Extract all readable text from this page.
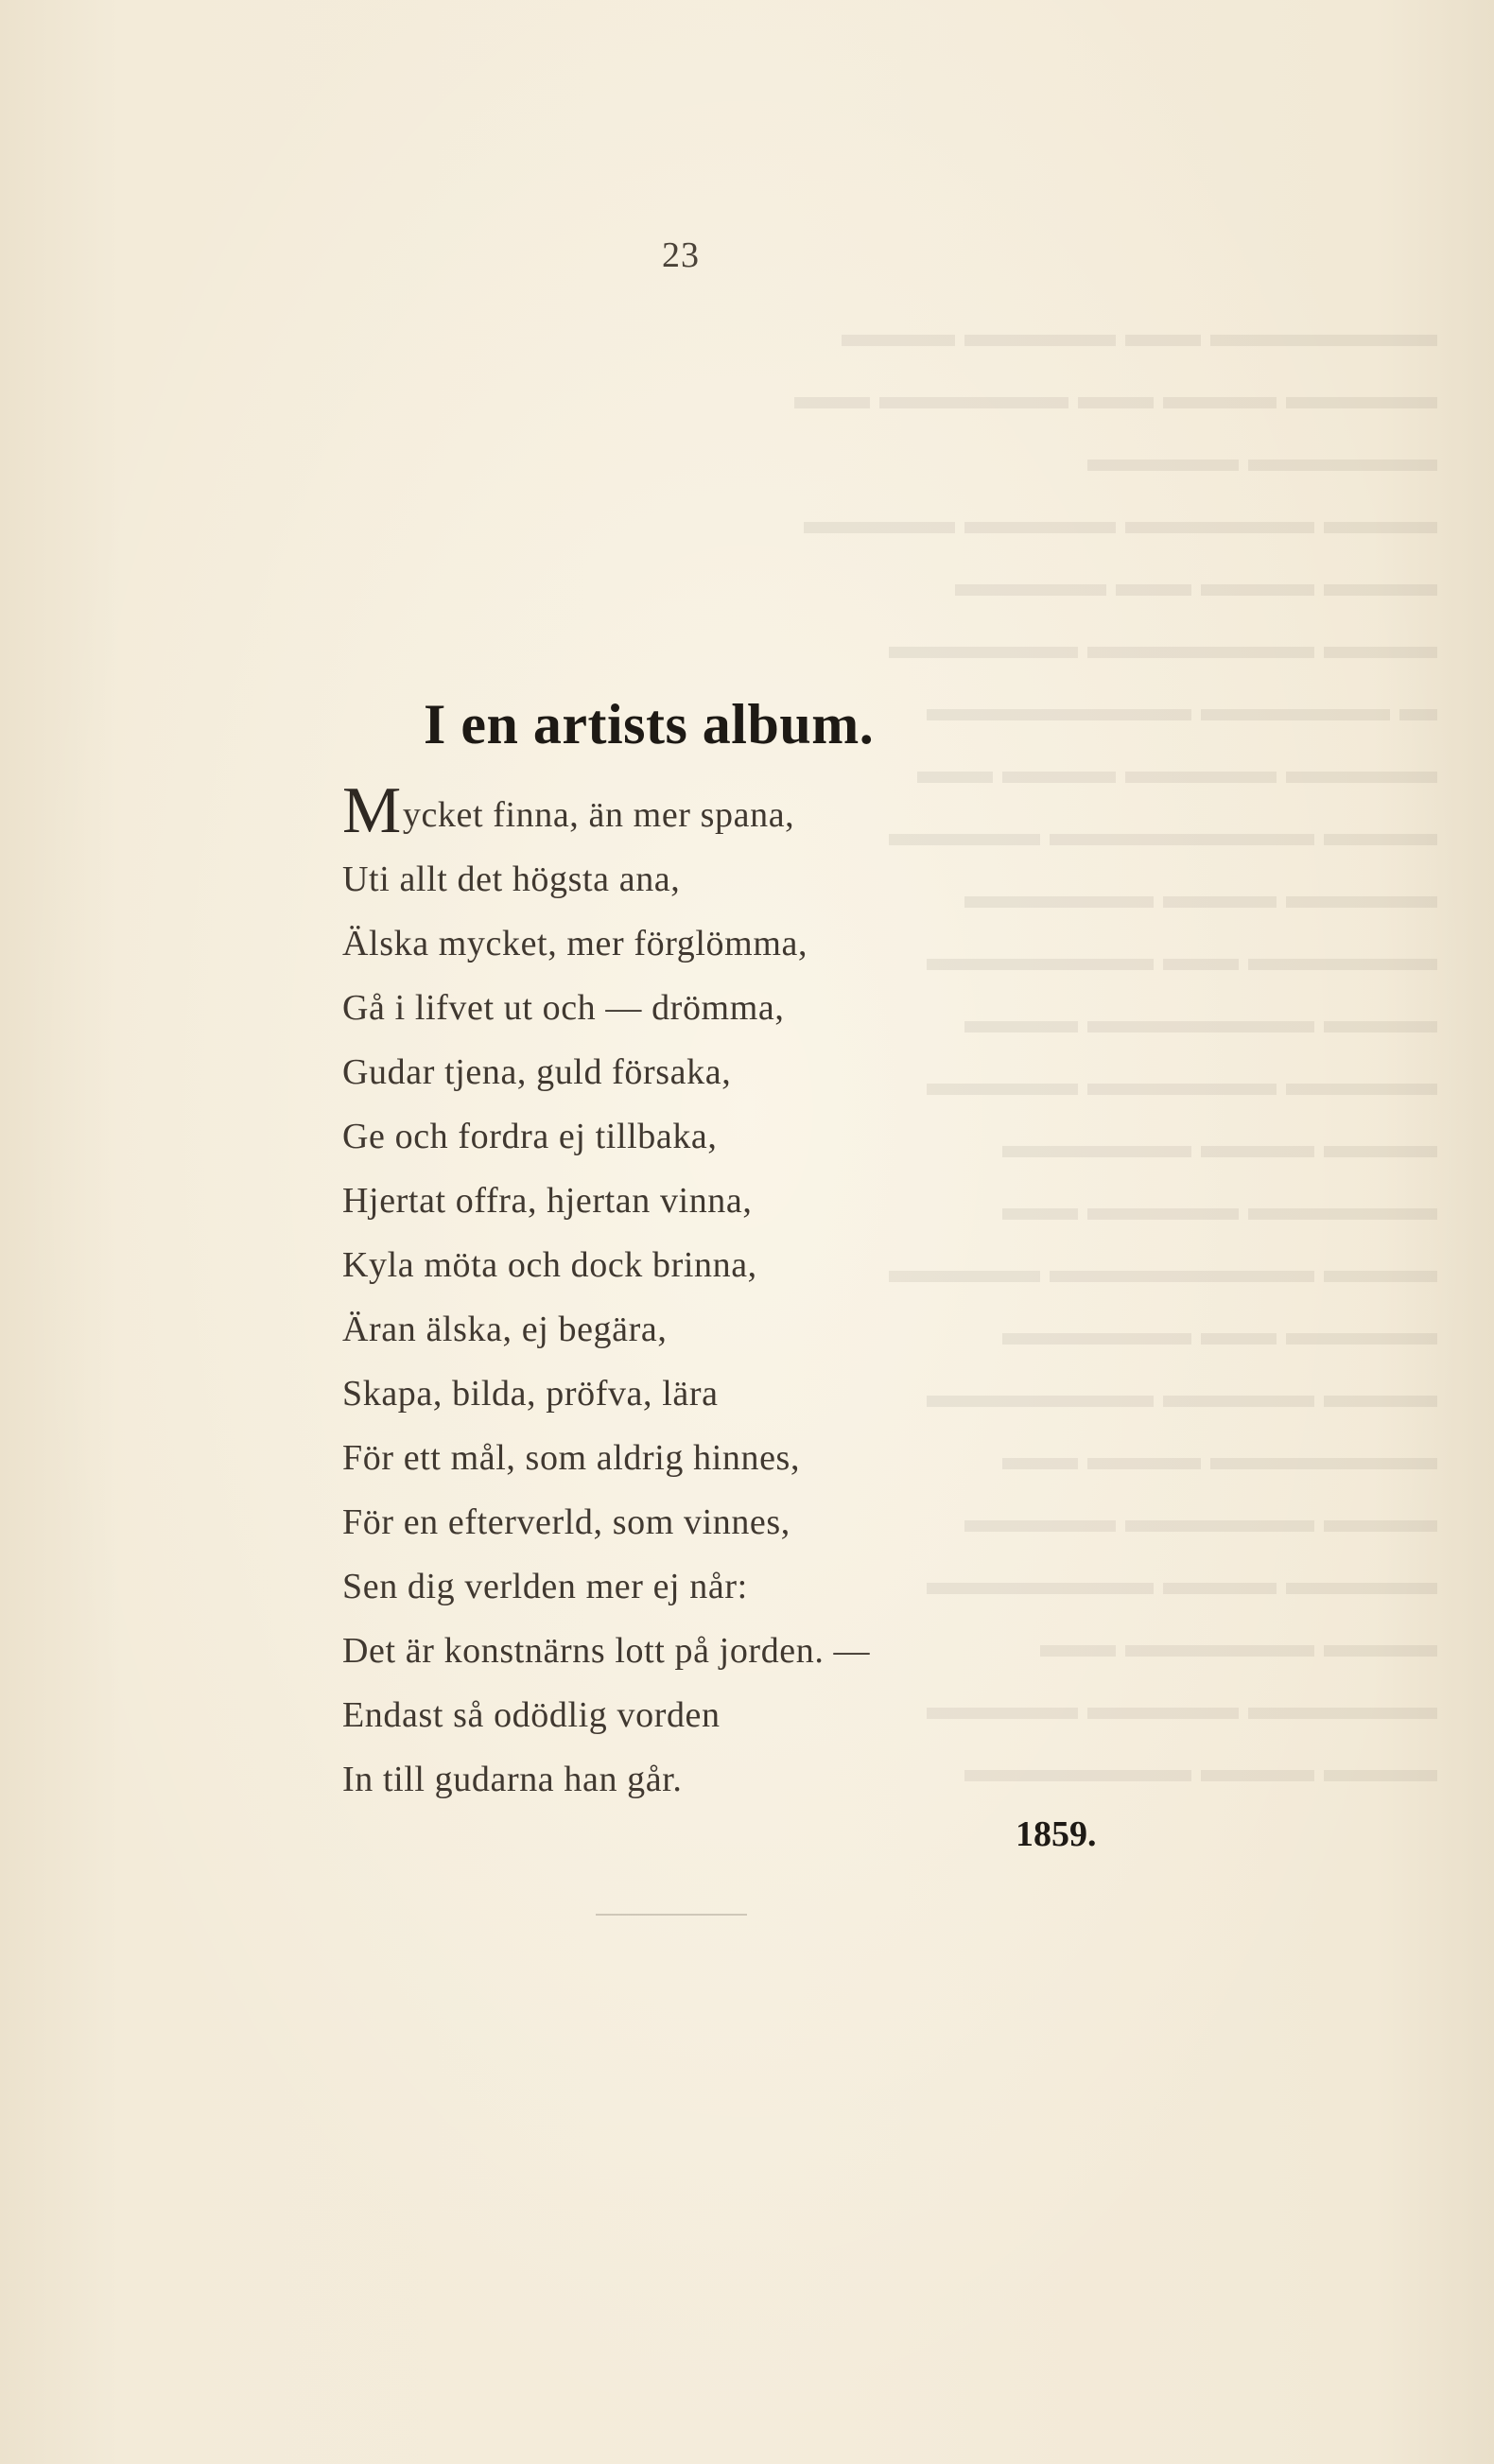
▬▬▬▬▬▬ ▬▬ ▬▬▬▬ ▬▬▬
▬▬▬▬ ▬▬▬ ▬▬ ▬▬▬▬▬ ▬▬
▬▬▬▬▬ ▬▬▬▬
▬▬▬ ▬▬▬▬▬ ▬▬▬▬ ▬▬▬▬
▬▬▬ ▬▬▬ ▬▬ ▬▬▬▬
▬▬▬ ▬▬▬▬▬▬ ▬▬▬▬▬
▬ ▬▬▬▬▬ ▬▬▬▬▬▬▬
▬▬▬▬ ▬▬▬▬ ▬▬▬ ▬▬
▬▬▬ ▬▬▬▬▬▬▬ ▬▬▬▬
▬▬▬▬ ▬▬▬ ▬▬▬▬▬
▬▬▬▬▬ ▬▬ ▬▬▬▬▬▬
▬▬▬ ▬▬▬▬▬▬ ▬▬▬
▬▬▬▬ ▬▬▬▬▬ ▬▬▬▬
▬▬▬ ▬▬▬ ▬▬▬▬▬
▬▬▬▬▬ ▬▬▬▬ ▬▬
▬▬▬ ▬▬▬▬▬▬▬ ▬▬▬▬
▬▬▬▬ ▬▬ ▬▬▬▬▬
▬▬▬ ▬▬▬▬ ▬▬▬▬▬▬
▬▬▬▬▬▬ ▬▬▬ ▬▬
▬▬▬ ▬▬▬▬▬ ▬▬▬▬
▬▬▬▬ ▬▬▬ ▬▬▬▬▬▬
▬▬▬ ▬▬▬▬▬ ▬▬
▬▬▬▬▬ ▬▬▬▬ ▬▬▬▬
▬▬▬ ▬▬▬ ▬▬▬▬▬▬
23
I en artists album.
Mycket finna, än mer spana,
Uti allt det högsta ana,
Älska mycket, mer förglömma,
Gå i lifvet ut och — drömma,
Gudar tjena, guld försaka,
Ge och fordra ej tillbaka,
Hjertat offra, hjertan vinna,
Kyla möta och dock brinna,
Äran älska, ej begära,
Skapa, bilda, pröfva, lära
För ett mål, som aldrig hinnes,
För en efterverld, som vinnes,
Sen dig verlden mer ej når:
Det är konstnärns lott på jorden. —
Endast så odödlig vorden
In till gudarna han går.
1859.
